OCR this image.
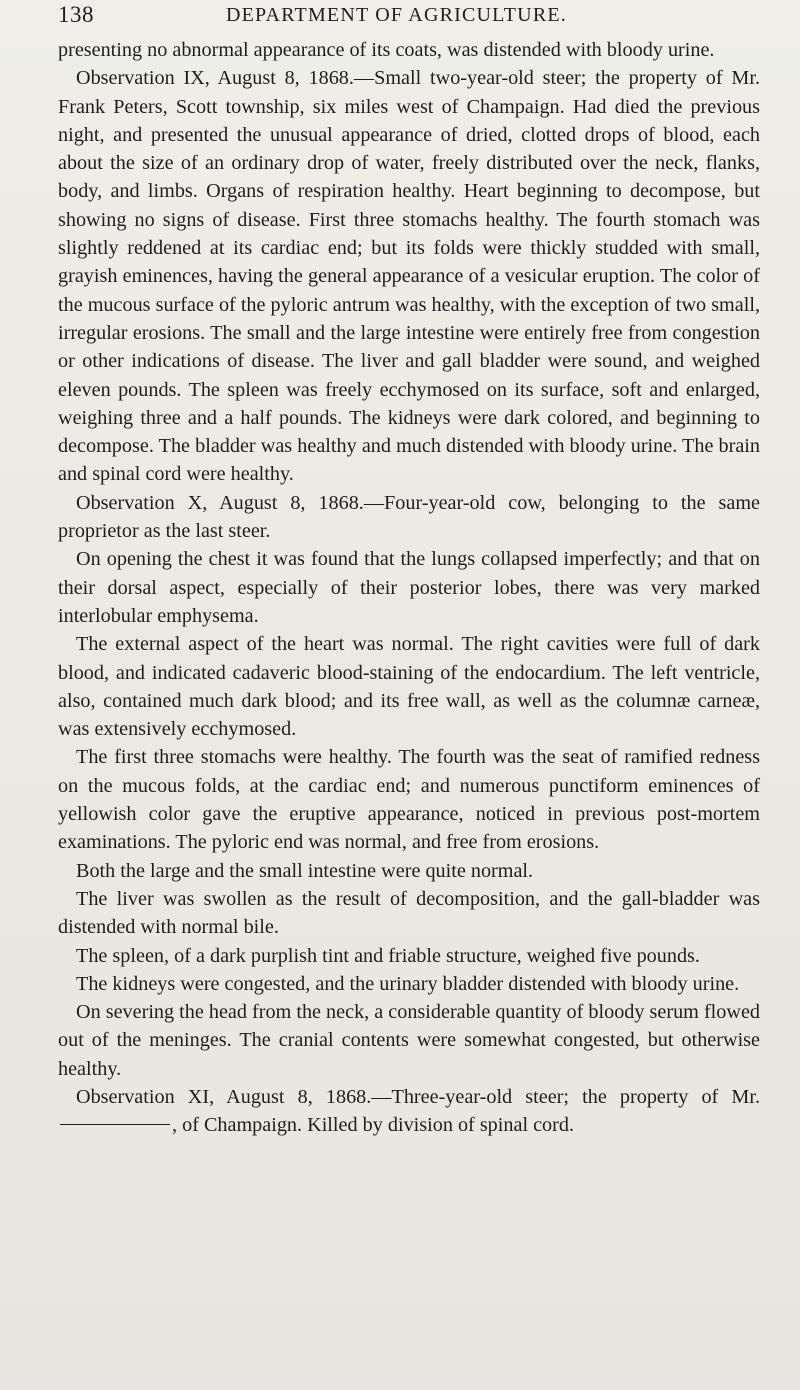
138	DEPARTMENT OF AGRICULTURE.

presenting no abnormal appearance of its coats, was distended with bloody urine.

Observation IX, August 8, 1868.—Small two-year-old steer; the property of Mr. Frank Peters, Scott township, six miles west of Champaign. Had died the previous night, and presented the unusual appearance of dried, clotted drops of blood, each about the size of an ordinary drop of water, freely distributed over the neck, flanks, body, and limbs. Organs of respiration healthy. Heart beginning to decompose, but showing no signs of disease. First three stomachs healthy. The fourth stomach was slightly reddened at its cardiac end; but its folds were thickly studded with small, grayish eminences, having the general appearance of a vesicular eruption. The color of the mucous surface of the pyloric antrum was healthy, with the exception of two small, irregular erosions. The small and the large intestine were entirely free from congestion or other indications of disease. The liver and gall bladder were sound, and weighed eleven pounds. The spleen was freely ecchymosed on its surface, soft and enlarged, weighing three and a half pounds. The kidneys were dark colored, and beginning to decompose. The bladder was healthy and much distended with bloody urine. The brain and spinal cord were healthy.

Observation X, August 8, 1868.—Four-year-old cow, belonging to the same proprietor as the last steer.

On opening the chest it was found that the lungs collapsed imperfectly; and that on their dorsal aspect, especially of their posterior lobes, there was very marked interlobular emphysema.

The external aspect of the heart was normal. The right cavities were full of dark blood, and indicated cadaveric blood-staining of the endocardium. The left ventricle, also, contained much dark blood; and its free wall, as well as the columnæ carneæ, was extensively ecchymosed.

The first three stomachs were healthy. The fourth was the seat of ramified redness on the mucous folds, at the cardiac end; and numerous punctiform eminences of yellowish color gave the eruptive appearance, noticed in previous post-mortem examinations. The pyloric end was normal, and free from erosions.

Both the large and the small intestine were quite normal.

The liver was swollen as the result of decomposition, and the gall-bladder was distended with normal bile.

The spleen, of a dark purplish tint and friable structure, weighed five pounds.

The kidneys were congested, and the urinary bladder distended with bloody urine.

On severing the head from the neck, a considerable quantity of bloody serum flowed out of the meninges. The cranial contents were somewhat congested, but otherwise healthy.

Observation XI, August 8, 1868.—Three-year-old steer; the property of Mr. , of Champaign. Killed by division of spinal cord.
